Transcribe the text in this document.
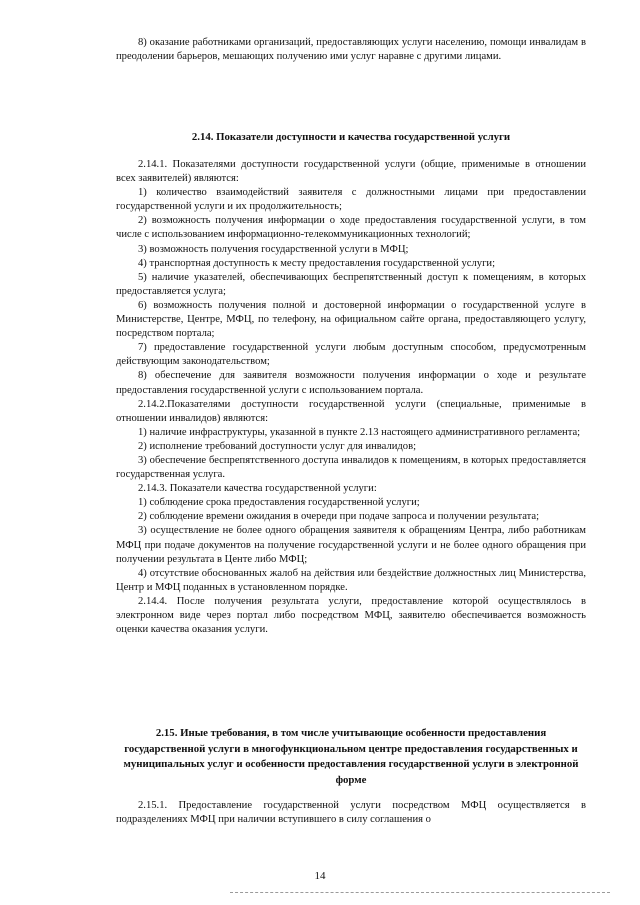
8) оказание работниками организаций, предоставляющих услуги населению, помощи инвалидам в преодолении барьеров, мешающих получению ими услуг наравне с другими лицами.

2.14. Показатели доступности и качества государственной услуги

2.14.1. Показателями доступности государственной услуги (общие, применимые в отношении всех заявителей) являются:

1) количество взаимодействий заявителя с должностными лицами при предоставлении государственной услуги и их продолжительность;

2) возможность получения информации о ходе предоставления государственной услуги, в том числе с использованием информационно-телекоммуникационных технологий;

3) возможность получения государственной услуги в МФЦ;

4) транспортная доступность к месту предоставления государственной услуги;

5) наличие указателей, обеспечивающих беспрепятственный доступ к помещениям, в которых предоставляется услуга;

6) возможность получения полной и достоверной информации о государственной услуге в Министерстве, Центре, МФЦ, по телефону, на официальном сайте органа, предоставляющего услугу, посредством портала;

7) предоставление государственной услуги любым доступным способом, предусмотренным действующим законодательством;

8) обеспечение для заявителя возможности получения информации о ходе и результате предоставления государственной услуги с использованием портала.

2.14.2.Показателями доступности государственной услуги (специальные, применимые в отношении инвалидов) являются:

1) наличие инфраструктуры, указанной в пункте 2.13 настоящего административного регламента;

2) исполнение требований доступности услуг для инвалидов;

3) обеспечение беспрепятственного доступа инвалидов к помещениям, в которых предоставляется государственная услуга.

2.14.3. Показатели качества государственной услуги:

1) соблюдение срока предоставления государственной услуги;

2) соблюдение времени ожидания в очереди при подаче запроса и получении результата;

3) осуществление не более одного обращения заявителя к обращениям Центра, либо работникам МФЦ при подаче документов на получение государственной услуги и не более одного обращения при получении результата в Центе либо МФЦ;

4) отсутствие обоснованных жалоб на действия или бездействие должностных лиц Министерства, Центр и МФЦ поданных в установленном порядке.

2.14.4. После получения результата услуги, предоставление которой осуществлялось в электронном виде через портал либо посредством МФЦ, заявителю обеспечивается возможность оценки качества оказания услуги.

2.15. Иные требования, в том числе учитывающие особенности предоставления государственной услуги в многофункциональном центре предоставления государственных и муниципальных услуг и особенности предоставления государственной услуги в электронной форме

2.15.1. Предоставление государственной услуги посредством МФЦ осуществляется в подразделениях МФЦ при наличии вступившего в силу соглашения о

14
